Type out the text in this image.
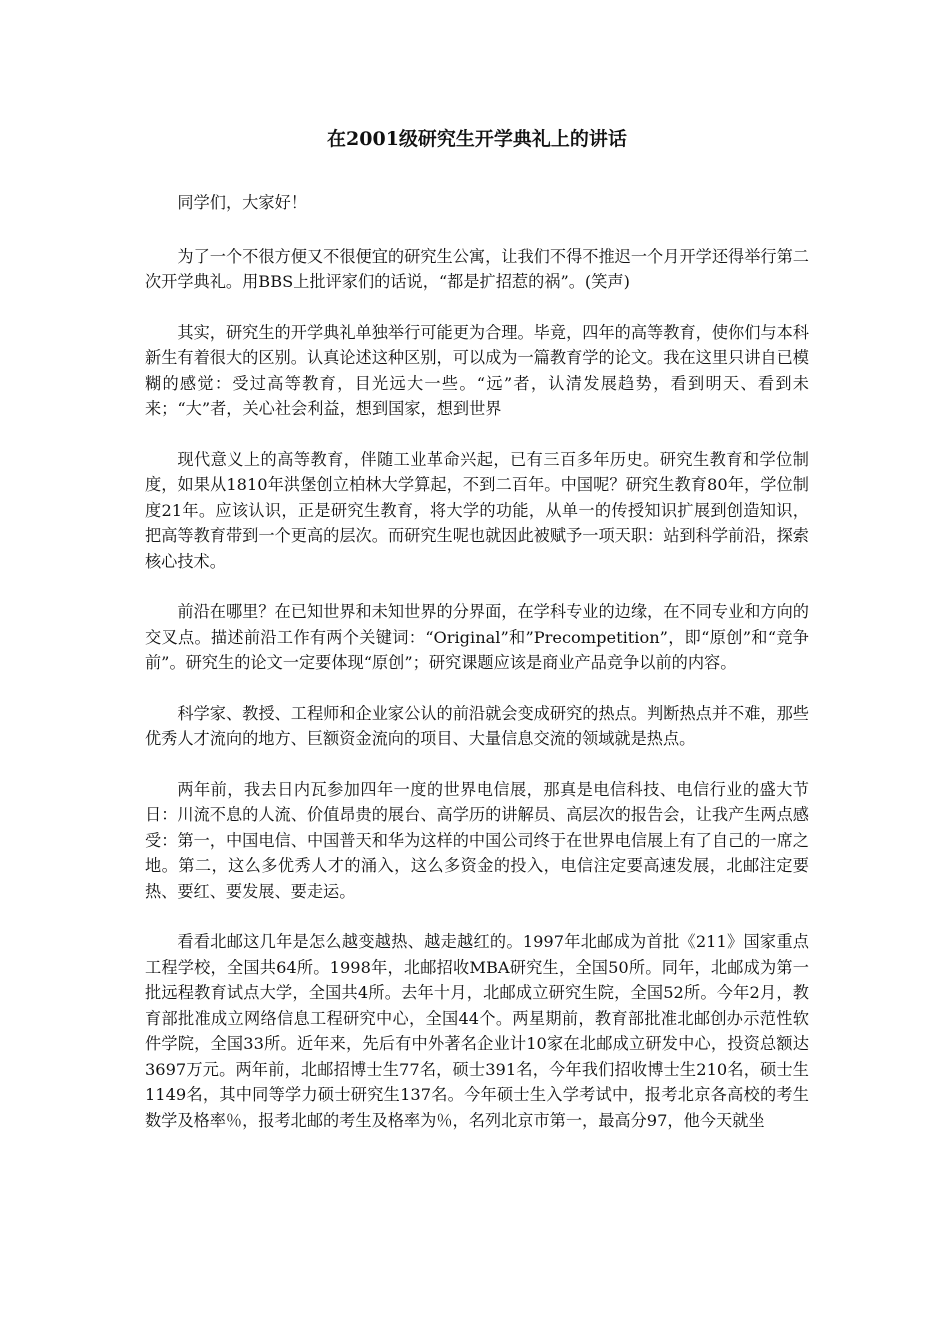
在2001级研究生开学典礼上的讲话

同学们，大家好！

为了一个不很方便又不很便宜的研究生公寓，让我们不得不推迟一个月开学还得举行第二次开学典礼。用BBS上批评家们的话说，“都是扩招惹的祸”。(笑声)

其实，研究生的开学典礼单独举行可能更为合理。毕竟，四年的高等教育，使你们与本科新生有着很大的区别。认真论述这种区别，可以成为一篇教育学的论文。我在这里只讲自已模糊的感觉：受过高等教育，目光远大一些。“远”者，认清发展趋势，看到明天、看到未来；“大”者，关心社会利益，想到国家，想到世界

现代意义上的高等教育，伴随工业革命兴起，已有三百多年历史。研究生教育和学位制度，如果从1810年洪堡创立柏林大学算起，不到二百年。中国呢？研究生教育80年，学位制度21年。应该认识，正是研究生教育，将大学的功能，从单一的传授知识扩展到创造知识，把高等教育带到一个更高的层次。而研究生呢也就因此被赋予一项天职：站到科学前沿，探索核心技术。

前沿在哪里？在已知世界和未知世界的分界面，在学科专业的边缘，在不同专业和方向的交叉点。描述前沿工作有两个关键词：“Original”和”Precompetition”，即“原创”和“竞争前”。研究生的论文一定要体现“原创”；研究课题应该是商业产品竞争以前的内容。

科学家、教授、工程师和企业家公认的前沿就会变成研究的热点。判断热点并不难，那些优秀人才流向的地方、巨额资金流向的项目、大量信息交流的领域就是热点。

两年前，我去日内瓦参加四年一度的世界电信展，那真是电信科技、电信行业的盛大节日：川流不息的人流、价值昂贵的展台、高学历的讲解员、高层次的报告会，让我产生两点感受：第一，中国电信、中国普天和华为这样的中国公司终于在世界电信展上有了自己的一席之地。第二，这么多优秀人才的涌入，这么多资金的投入，电信注定要高速发展，北邮注定要热、要红、要发展、要走运。

看看北邮这几年是怎么越变越热、越走越红的。1997年北邮成为首批《211》国家重点工程学校，全国共64所。1998年，北邮招收MBA研究生，全国50所。同年，北邮成为第一批远程教育试点大学，全国共4所。去年十月，北邮成立研究生院，全国52所。今年2月，教育部批准成立网络信息工程研究中心，全国44个。两星期前，教育部批准北邮创办示范性软件学院，全国33所。近年来，先后有中外著名企业计10家在北邮成立研发中心，投资总额达3697万元。两年前，北邮招博士生77名，硕士391名，今年我们招收博士生210名，硕士生1149名，其中同等学力硕士研究生137名。今年硕士生入学考试中，报考北京各高校的考生数学及格率％，报考北邮的考生及格率为％，名列北京市第一，最高分97，他今天就坐
